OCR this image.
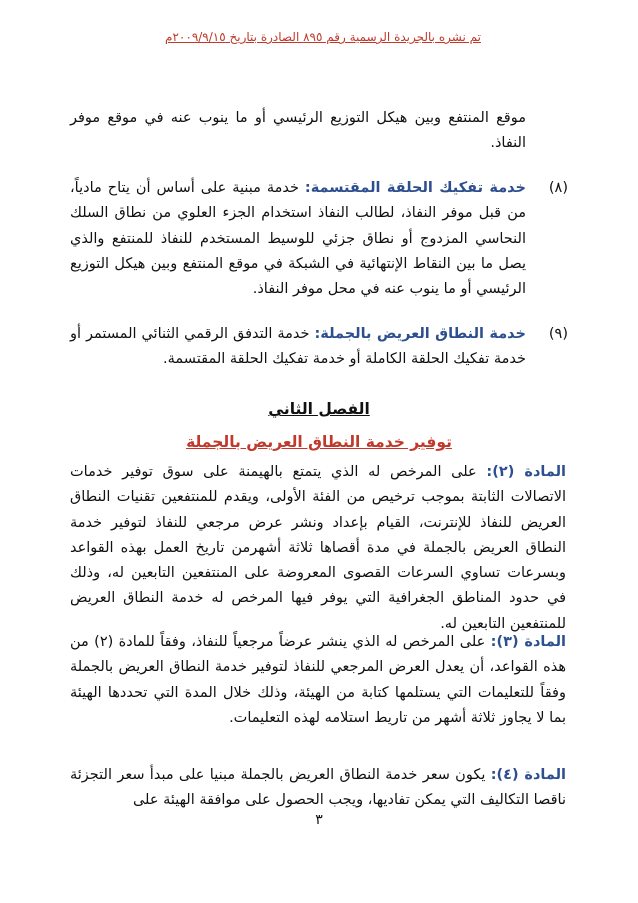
تم نشره بالجريدة الرسمية رقم ٨٩٥ الصادرة بتاريخ ٢٠٠٩/٩/١٥م

موقع المنتفع وبين هيكل التوزيع الرئيسي أو ما ينوب عنه في موقع موفر النفاذ.

(٨)

خدمة تفكيك الحلقة المقتسمة: خدمة مبنية على أساس أن يتاح مادياً، من قبل موفر النفاذ، لطالب النفاذ استخدام الجزء العلوي من نطاق السلك النحاسي المزدوج أو نطاق جزئي للوسيط المستخدم للنفاذ للمنتفع والذي يصل ما بين النقاط الإنتهائية في الشبكة في موقع المنتفع وبين هيكل التوزيع الرئيسي أو ما ينوب عنه في محل موفر النفاذ.

(٩)

خدمة النطاق العريض بالجملة: خدمة التدفق الرقمي الثنائي المستمر أو خدمة تفكيك الحلقة الكاملة أو خدمة تفكيك الحلقة المقتسمة.

الفصل الثاني
توفير خدمة النطاق العريض بالجملة

المادة (٢): على المرخص له الذي يتمتع بالهيمنة على سوق توفير خدمات الاتصالات الثابتة بموجب ترخيص من الفئة الأولى، ويقدم للمنتفعين تقنيات النطاق العريض للنفاذ للإنترنت، القيام بإعداد ونشر عرض مرجعي للنفاذ لتوفير خدمة النطاق العريض بالجملة في مدة أقصاها ثلاثة أشهرمن تاريخ العمل بهذه القواعد وبسرعات تساوي السرعات القصوى المعروضة على المنتفعين التابعين له، وذلك في حدود المناطق الجغرافية التي يوفر فيها المرخص له خدمة النطاق العريض للمنتفعين التابعين له.

المادة (٣): على المرخص له الذي ينشر عرضاً مرجعياً للنفاذ، وفقاً للمادة (٢) من هذه القواعد، أن يعدل العرض المرجعي للنفاذ لتوفير خدمة النطاق العريض بالجملة وفقاً للتعليمات التي يستلمها كتابة من الهيئة، وذلك خلال المدة التي تحددها الهيئة بما لا يجاوز ثلاثة أشهر من تاريط استلامه لهذه التعليمات.

المادة (٤): يكون سعر خدمة النطاق العريض بالجملة مبنيا على مبدأ سعر التجزئة ناقصا التكاليف التي يمكن تفاديها، ويجب الحصول على موافقة الهيئة على

٣
